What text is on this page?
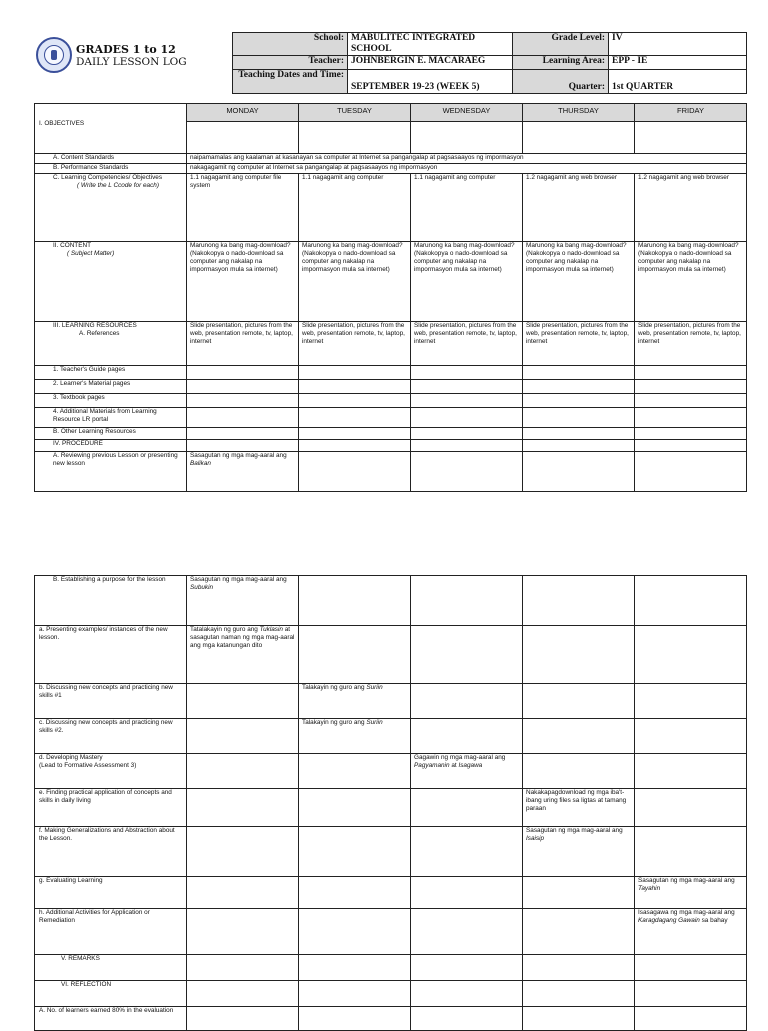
GRADES 1 to 12
DAILY LESSON LOG
School:	MABULITEC INTEGRATED SCHOOL	Grade Level:	IV
Teacher:	JOHNBERGIN E. MACARAEG	Learning Area:	EPP - IE
Teaching Dates and Time:	SEPTEMBER 19-23 (WEEK 5)	Quarter:	1st QUARTER
I. OBJECTIVES	MONDAY	TUESDAY	WEDNESDAY	THURSDAY	FRIDAY

A. Content Standards	naipamamalas ang kaalaman at kasanayan sa computer at Internet sa pangangalap at pagsasaayos ng impormasyon				
B. Performance Standards	nakagagamit ng computer at Internet sa pangangalap at pagsasaayos ng impormasyon				

C. Learning Competencies/ Objectives
( Write the L Ccode for each)	1.1 nagagamit ang computer file system	1.1 nagagamit ang computer	1.1 nagagamit ang computer	1.2 nagagamit ang web browser	1.2 nagagamit ang web browser

II. CONTENT
( Subject Matter)	Marunong ka bang mag-download? (Nakokopya o nado-download sa computer ang nakalap na impormasyon mula sa internet)	Marunong ka bang mag-download? (Nakokopya o nado-download sa computer ang nakalap na impormasyon mula sa internet)	Marunong ka bang mag-download? (Nakokopya o nado-download sa computer ang nakalap na impormasyon mula sa internet)	Marunong ka bang mag-download? (Nakokopya o nado-download sa computer ang nakalap na impormasyon mula sa internet)	Marunong ka bang mag-download? (Nakokopya o nado-download sa computer ang nakalap na impormasyon mula sa internet)

III. LEARNING RESOURCES
A. References	Slide presentation, pictures from the web, presentation remote, tv, laptop, internet	Slide presentation, pictures from the web, presentation remote, tv, laptop, internet	Slide presentation, pictures from the web, presentation remote, tv, laptop, internet	Slide presentation, pictures from the web, presentation remote, tv, laptop, internet	Slide presentation, pictures from the web, presentation remote, tv, laptop, internet
1. Teacher's Guide pages					
2. Learner's Material pages					
3. Textbook pages					
4. Additional Materials from Learning Resource LR portal					
B. Other Learning Resources					
IV. PROCEDURE					
A. Reviewing previous Lesson or presenting new lesson	Sasagutan ng mga mag-aaral ang Balikan				
B. Establishing a purpose for the lesson	Sasagutan ng mga mag-aaral ang Subukin				
a. Presenting examples/ instances of the new lesson.	Tatalakayin ng guro ang Tuklasin at sasagutan naman ng mga mag-aaral ang mga katanungan dito				
b. Discussing new concepts and practicing new skills #1		Talakayin ng guro ang Suriin			
c. Discussing new concepts and practicing new skills #2.		Talakayin ng guro ang Suriin			

d. Developing Mastery
(Lead to Formative Assessment 3)			Gagawin ng mga mag-aaral ang Pagyamanin at Isagawa		
e. Finding practical application of concepts and skills in daily living				Nakakapagdownload ng mga iba't-ibang uring files sa ligtas at tamang paraan	
f. Making Generalizations and Abstraction about the Lesson.				Sasagutan ng mga mag-aaral ang Isaisip	
g. Evaluating Learning					Sasagutan ng mga mag-aaral ang Tayahin
h. Additional Activities for Application or Remediation					Isasagawa ng mga mag-aaral ang Karagdagang Gawain sa bahay
V. REMARKS					
VI. REFLECTION					
A. No. of learners earned 80% in the evaluation					
